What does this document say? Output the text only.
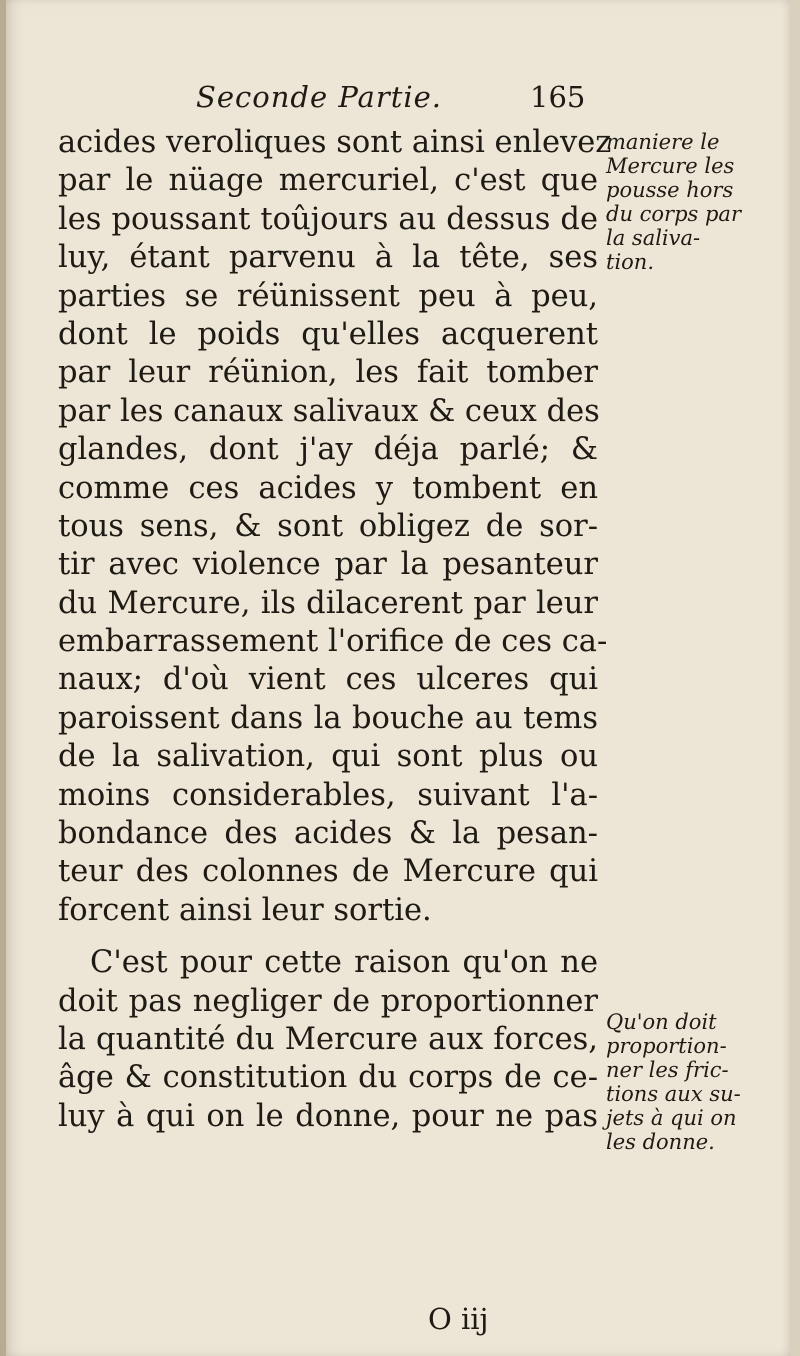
Seconde Partie.	165
acides veroliques sont ainsi enlevez
par le nüage mercuriel, c'est que
les poussant toûjours au dessus de
luy, étant parvenu à la tête, ses
parties se réünissent peu à peu,
dont le poids qu'elles acquerent
par leur réünion, les fait tomber
par les canaux salivaux & ceux des
glandes, dont j'ay déja parlé; &
comme ces acides y tombent en
tous sens, & sont obligez de sor-
tir avec violence par la pesanteur
du Mercure, ils dilacerent par leur
embarrassement l'orifice de ces ca-
naux; d'où vient ces ulceres qui
paroissent dans la bouche au tems
de la salivation, qui sont plus ou
moins considerables, suivant l'a-
bondance des acides & la pesan-
teur des colonnes de Mercure qui
forcent ainsi leur sortie.
C'est pour cette raison qu'on ne
doit pas negliger de proportionner
la quantité du Mercure aux forces,
âge & constitution du corps de ce-
luy à qui on le donne, pour ne pas
maniere le
Mercure les
pousse hors
du corps par
la saliva-
tion.
Qu'on doit
proportion-
ner les fric-
tions aux su-
jets à qui on
les donne.
O iij
